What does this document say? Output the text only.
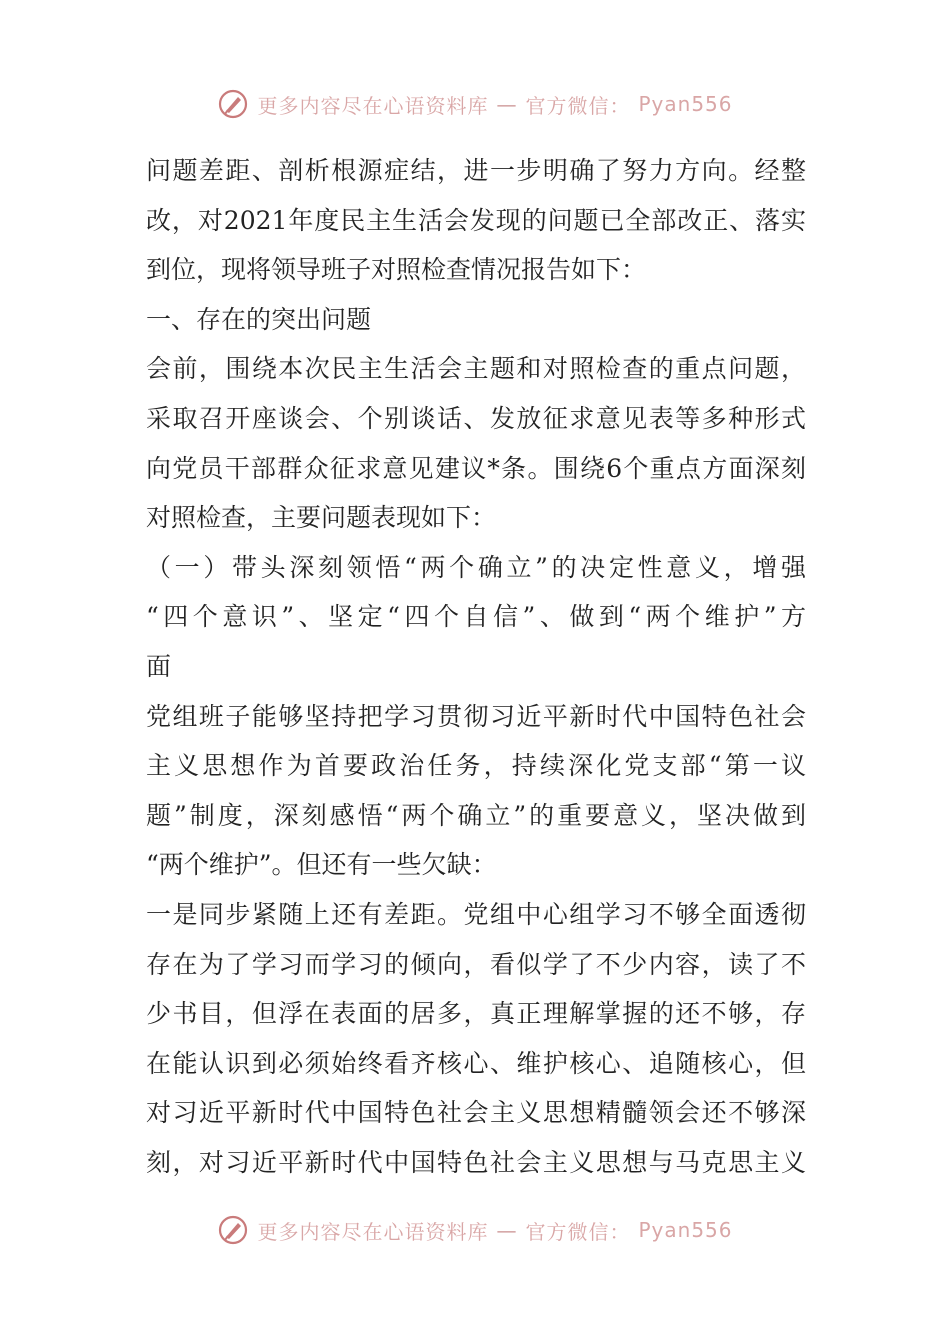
更多内容尽在心语资料库 — 官方微信： Pyan556
问题差距、剖析根源症结，进一步明确了努力方向。经整
改，对2021年度民主生活会发现的问题已全部改正、落实
到位，现将领导班子对照检查情况报告如下：
一、存在的突出问题
会前，围绕本次民主生活会主题和对照检查的重点问题，
采取召开座谈会、个别谈话、发放征求意见表等多种形式
向党员干部群众征求意见建议*条。围绕6个重点方面深刻
对照检查，主要问题表现如下：
（一）带头深刻领悟“两个确立”的决定性意义，增强
“四个意识”、坚定“四个自信”、做到“两个维护”方
面
党组班子能够坚持把学习贯彻习近平新时代中国特色社会
主义思想作为首要政治任务，持续深化党支部“第一议
题”制度，深刻感悟“两个确立”的重要意义，坚决做到
“两个维护”。但还有一些欠缺：
一是同步紧随上还有差距。党组中心组学习不够全面透彻
存在为了学习而学习的倾向，看似学了不少内容，读了不
少书目，但浮在表面的居多，真正理解掌握的还不够，存
在能认识到必须始终看齐核心、维护核心、追随核心，但
对习近平新时代中国特色社会主义思想精髓领会还不够深
刻，对习近平新时代中国特色社会主义思想与马克思主义
更多内容尽在心语资料库 — 官方微信： Pyan556
